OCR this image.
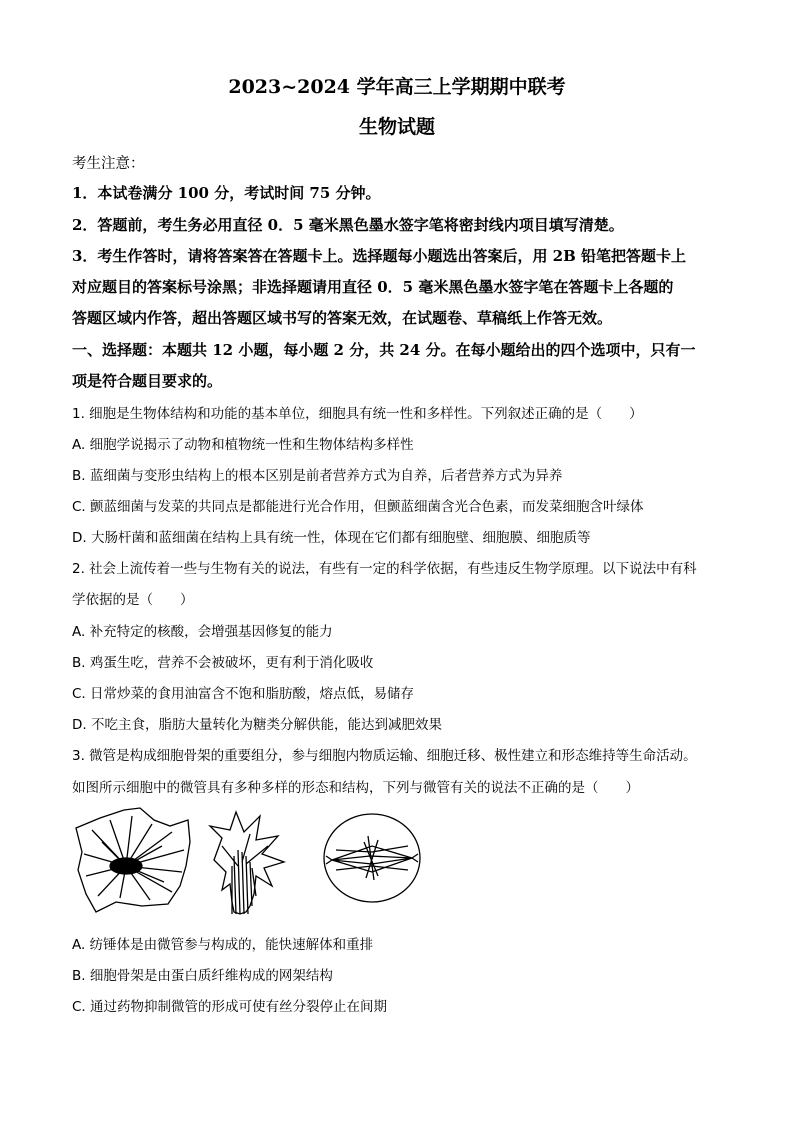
2023~2024 学年高三上学期期中联考
生物试题
考生注意：
1．本试卷满分 100 分，考试时间 75 分钟。
2．答题前，考生务必用直径 0．5 毫米黑色墨水签字笔将密封线内项目填写清楚。
3．考生作答时，请将答案答在答题卡上。选择题每小题选出答案后，用 2B 铅笔把答题卡上
对应题目的答案标号涂黑；非选择题请用直径 0．5 毫米黑色墨水签字笔在答题卡上各题的
答题区域内作答，超出答题区域书写的答案无效，在试题卷、草稿纸上作答无效。
一、选择题：本题共 12 小题，每小题 2 分，共 24 分。在每小题给出的四个选项中，只有一
项是符合题目要求的。
1. 细胞是生物体结构和功能的基本单位，细胞具有统一性和多样性。下列叙述正确的是（　　）
A. 细胞学说揭示了动物和植物统一性和生物体结构多样性
B. 蓝细菌与变形虫结构上的根本区别是前者营养方式为自养，后者营养方式为异养
C. 颤蓝细菌与发菜的共同点是都能进行光合作用，但颤蓝细菌含光合色素，而发菜细胞含叶绿体
D. 大肠杆菌和蓝细菌在结构上具有统一性，体现在它们都有细胞壁、细胞膜、细胞质等
2. 社会上流传着一些与生物有关的说法，有些有一定的科学依据，有些违反生物学原理。以下说法中有科
学依据的是（　　）
A. 补充特定的核酸，会增强基因修复的能力
B. 鸡蛋生吃，营养不会被破坏，更有利于消化吸收
C. 日常炒菜的食用油富含不饱和脂肪酸，熔点低，易储存
D. 不吃主食，脂肪大量转化为糖类分解供能，能达到减肥效果
3. 微管是构成细胞骨架的重要组分，参与细胞内物质运输、细胞迁移、极性建立和形态维持等生命活动。
如图所示细胞中的微管具有多种多样的形态和结构，下列与微管有关的说法不正确的是（　　）
A. 纺锤体是由微管参与构成的，能快速解体和重排
B. 细胞骨架是由蛋白质纤维构成的网架结构
C. 通过药物抑制微管的形成可使有丝分裂停止在间期
